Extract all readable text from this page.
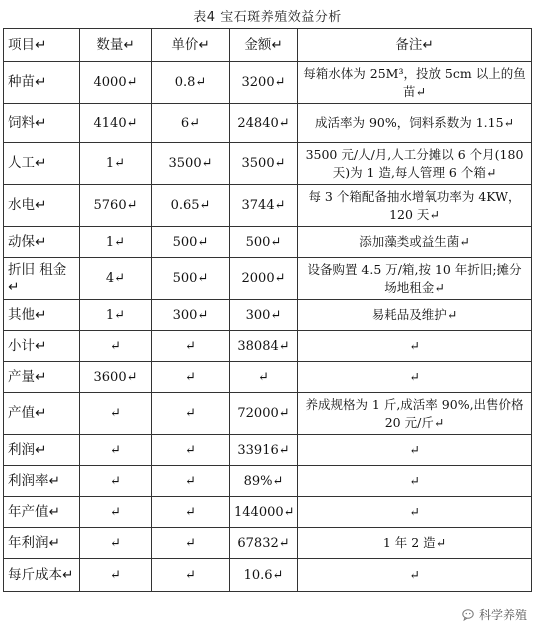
表4 宝石斑养殖效益分析
项目↵	数量↵	单价↵	金额↵	备注↵
种苗↵	4000↵	0.8↵	3200↵	每箱水体为 25M³，投放 5cm 以上的鱼苗↵
饲料↵	4140↵	6↵	24840↵	成活率为 90%，饲料系数为 1.15↵
人工↵	1↵	3500↵	3500↵	3500 元/人/月,人工分摊以 6 个月(180 天)为 1 造,每人管理 6 个箱↵
水电↵	5760↵	0.65↵	3744↵	每 3 个箱配备抽水增氧功率为 4KW，120 天↵
动保↵	1↵	500↵	500↵	添加藻类或益生菌↵
折旧 租金↵	4↵	500↵	2000↵	设备购置 4.5 万/箱,按 10 年折旧;摊分场地租金↵
其他↵	1↵	300↵	300↵	易耗品及维护↵
小计↵	↵	↵	38084↵	↵
产量↵	3600↵	↵	↵	↵
产值↵	↵	↵	72000↵	养成规格为 1 斤,成活率 90%,出售价格 20 元/斤↵
利润↵	↵	↵	33916↵	↵
利润率↵	↵	↵	89%↵	↵
年产值↵	↵	↵	144000↵	↵
年利润↵	↵	↵	67832↵	1 年 2 造↵
每斤成本↵	↵	↵	10.6↵	↵
科学养殖
